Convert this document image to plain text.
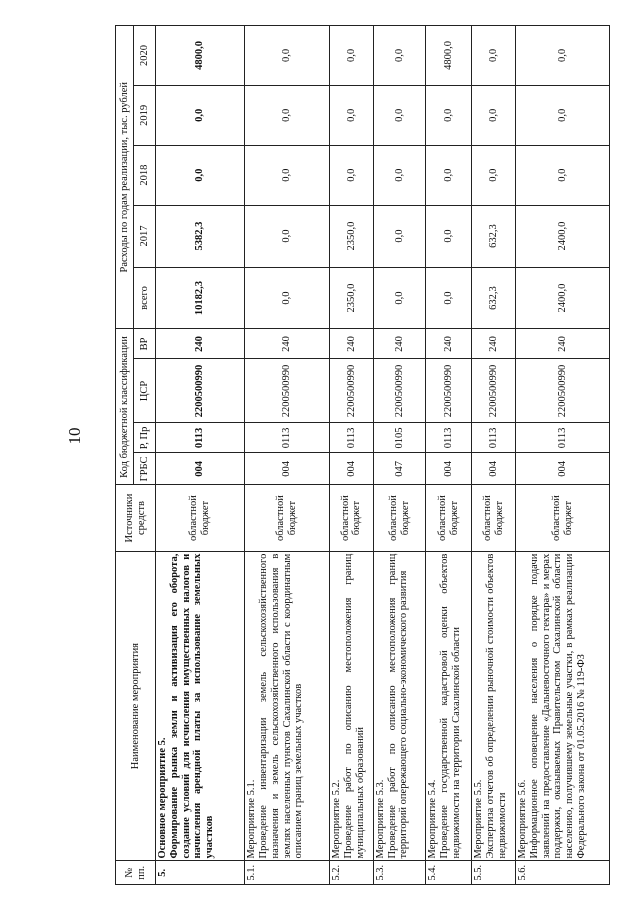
10
№ пп.	Наименование мероприятия	Источники средств	Код бюджетной классификации				Расходы по годам реализации, тыс. рублей				
			ГРБС	Р, Пр	ЦСР	ВР	всего	2017	2018	2019	2020
5.	Основное мероприятие 5. Формирование рынка земли и активизация его оборота, создание условий для исчисления имущественных налогов и начисления арендной платы за использование земельных участков	областной бюджет	004	0113	2200500990	240	10182,3	5382,3	0,0	0,0	4800,0
5.1.	Мероприятие 5.1. Проведение инвентаризации земель сельскохозяйственного назначения и земель сельскохозяйственного использования в землях населенных пунктов Сахалинской области с координатным описанием границ земельных участков	областной бюджет	004	0113	2200500990	240	0,0	0,0	0,0	0,0	0,0
5.2.	Мероприятие 5.2. Проведение работ по описанию местоположения границ муниципальных образований	областной бюджет	004	0113	2200500990	240	2350,0	2350,0	0,0	0,0	0,0
5.3.	Мероприятие 5.3. Проведение работ по описанию местоположения границ территорий опережающего социально-экономического развития	областной бюджет	047	0105	2200500990	240	0,0	0,0	0,0	0,0	0,0
5.4.	Мероприятие 5.4. Проведение государственной кадастровой оценки объектов недвижимости на территории Сахалинской области	областной бюджет	004	0113	2200500990	240	0,0	0,0	0,0	0,0	4800,0
5.5.	Мероприятие 5.5. Экспертиза отчетов об определении рыночной стоимости объектов недвижимости	областной бюджет	004	0113	2200500990	240	632,3	632,3	0,0	0,0	0,0
5.6.	Мероприятие 5.6. Информационное оповещение населения о порядке подачи заявлений на предоставление «Дальневосточного гектара» и мерах поддержки, оказываемых Правительством Сахалинской области населению, получившему земельные участки, в рамках реализации Федерального закона от 01.05.2016 № 119-ФЗ	областной бюджет	004	0113	2200500990	240	2400,0	2400,0	0,0	0,0	0,0
